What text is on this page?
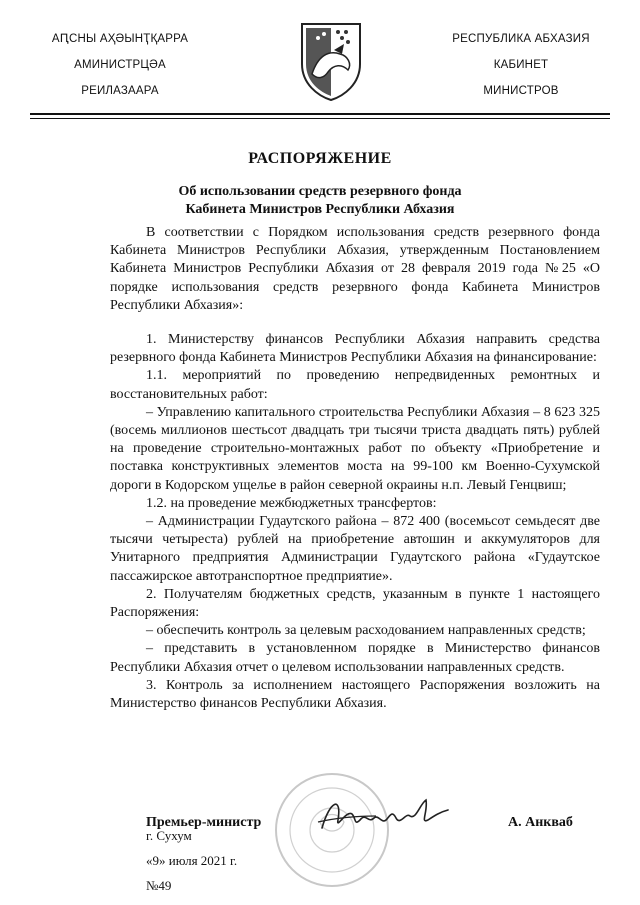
АԤСНЫ АҲӘЫНҬҚАРРА
АМИНИСТРЦӘА
РЕИЛАЗААРА
РЕСПУБЛИКА АБХАЗИЯ
КАБИНЕТ
МИНИСТРОВ
РАСПОРЯЖЕНИЕ
Об использовании средств резервного фонда
Кабинета Министров Республики Абхазия

В соответствии с Порядком использования средств резервного фонда Кабинета Министров Республики Абхазия, утвержденным Постановлением Кабинета Министров Республики Абхазия от 28 февраля 2019 года №25 «О порядке использования средств резервного фонда Кабинета Министров Республики Абхазия»:

1. Министерству финансов Республики Абхазия направить средства резервного фонда Кабинета Министров Республики Абхазия на финансирование:

1.1. мероприятий по проведению непредвиденных ремонтных и восстановительных работ:

– Управлению капитального строительства Республики Абхазия – 8 623 325 (восемь миллионов шестьсот двадцать три тысячи триста двадцать пять) рублей на проведение строительно-монтажных работ по объекту «Приобретение и поставка конструктивных элементов моста на 99-100 км Военно-Сухумской дороги в Кодорском ущелье в район северной окраины н.п. Левый Генцвиш;

1.2. на проведение межбюджетных трансфертов:

– Администрации Гудаутского района – 872 400 (восемьсот семьдесят две тысячи четыреста) рублей на приобретение автошин и аккумуляторов для Унитарного предприятия Администрации Гудаутского района «Гудаутское пассажирское автотранспортное предприятие».

2. Получателям бюджетных средств, указанным в пункте 1 настоящего Распоряжения:

– обеспечить контроль за целевым расходованием направленных средств;

– представить в установленном порядке в Министерство финансов Республики Абхазия отчет о целевом использовании направленных средств.

3. Контроль за исполнением настоящего Распоряжения возложить на Министерство финансов Республики Абхазия.

Премьер-министр	А. Анкваб
г. Сухум
«9» июля 2021 г.
№49
